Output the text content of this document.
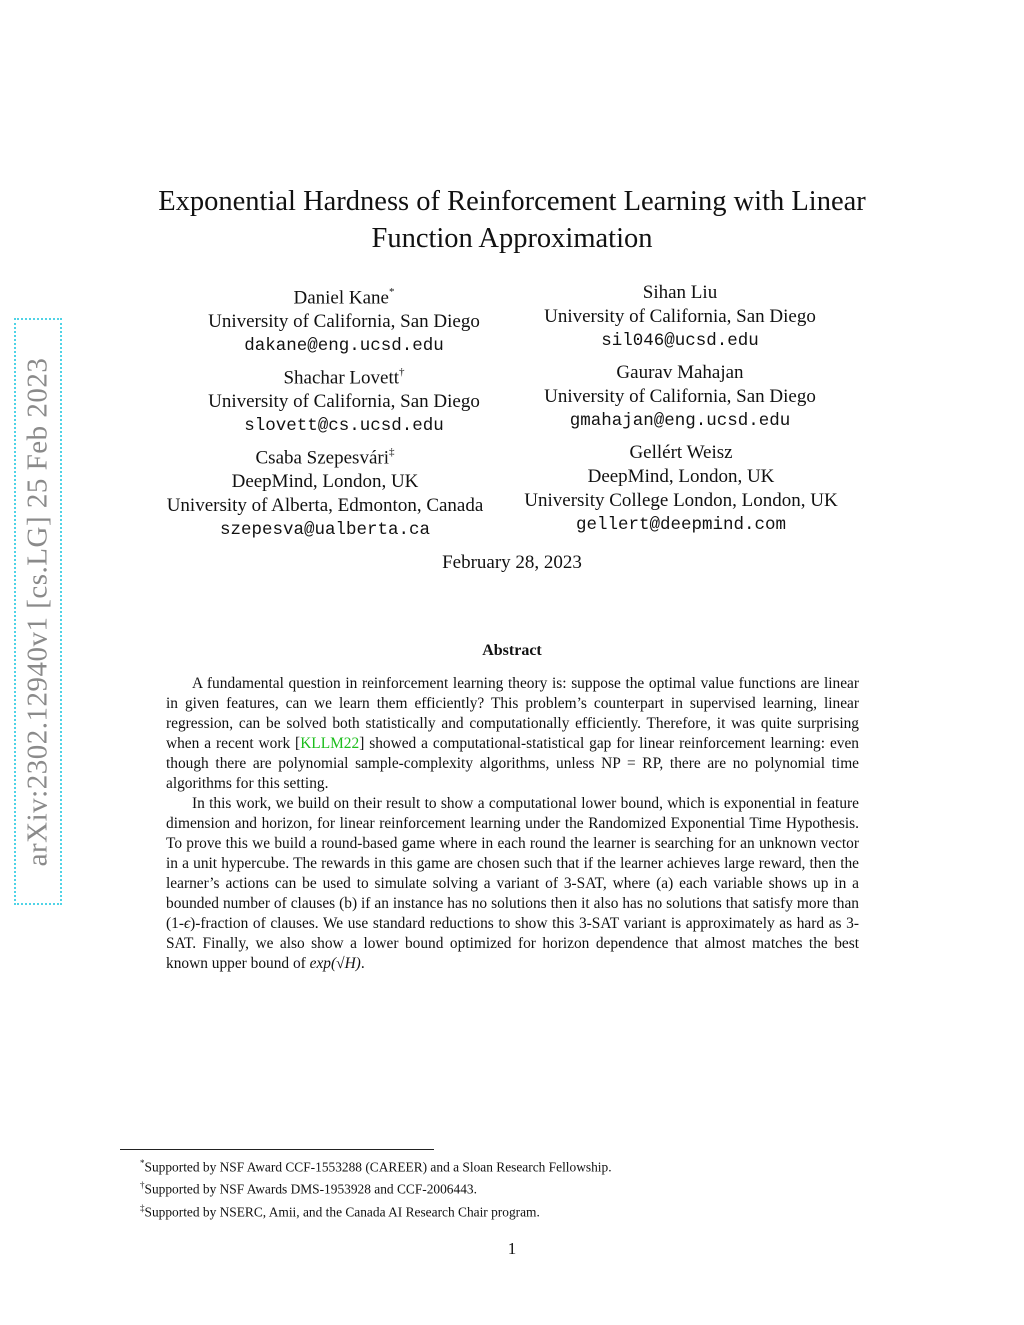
arXiv:2302.12940v1 [cs.LG] 25 Feb 2023
Exponential Hardness of Reinforcement Learning with Linear
Function Approximation
Daniel Kane*
University of California, San Diego
dakane@eng.ucsd.edu
Sihan Liu
University of California, San Diego
sil046@ucsd.edu
Shachar Lovett†
University of California, San Diego
slovett@cs.ucsd.edu
Gaurav Mahajan
University of California, San Diego
gmahajan@eng.ucsd.edu
Csaba Szepesvári‡
DeepMind, London, UK
University of Alberta, Edmonton, Canada
szepesva@ualberta.ca
Gellért Weisz
DeepMind, London, UK
University College London, London, UK
gellert@deepmind.com
February 28, 2023
Abstract

A fundamental question in reinforcement learning theory is: suppose the optimal value functions are linear in given features, can we learn them efficiently? This problem’s counterpart in supervised learning, linear regression, can be solved both statistically and computationally efficiently. Therefore, it was quite surprising when a recent work [KLLM22] showed a computational-statistical gap for linear reinforcement learning: even though there are polynomial sample-complexity algorithms, unless NP = RP, there are no polynomial time algorithms for this setting.

In this work, we build on their result to show a computational lower bound, which is exponential in feature dimension and horizon, for linear reinforcement learning under the Randomized Exponential Time Hypothesis. To prove this we build a round-based game where in each round the learner is searching for an unknown vector in a unit hypercube. The rewards in this game are chosen such that if the learner achieves large reward, then the learner’s actions can be used to simulate solving a variant of 3-SAT, where (a) each variable shows up in a bounded number of clauses (b) if an instance has no solutions then it also has no solutions that satisfy more than (1-ϵ)-fraction of clauses. We use standard reductions to show this 3-SAT variant is approximately as hard as 3-SAT. Finally, we also show a lower bound optimized for horizon dependence that almost matches the best known upper bound of exp(√H).

*Supported by NSF Award CCF-1553288 (CAREER) and a Sloan Research Fellowship.
†Supported by NSF Awards DMS-1953928 and CCF-2006443.
‡Supported by NSERC, Amii, and the Canada AI Research Chair program.
1
